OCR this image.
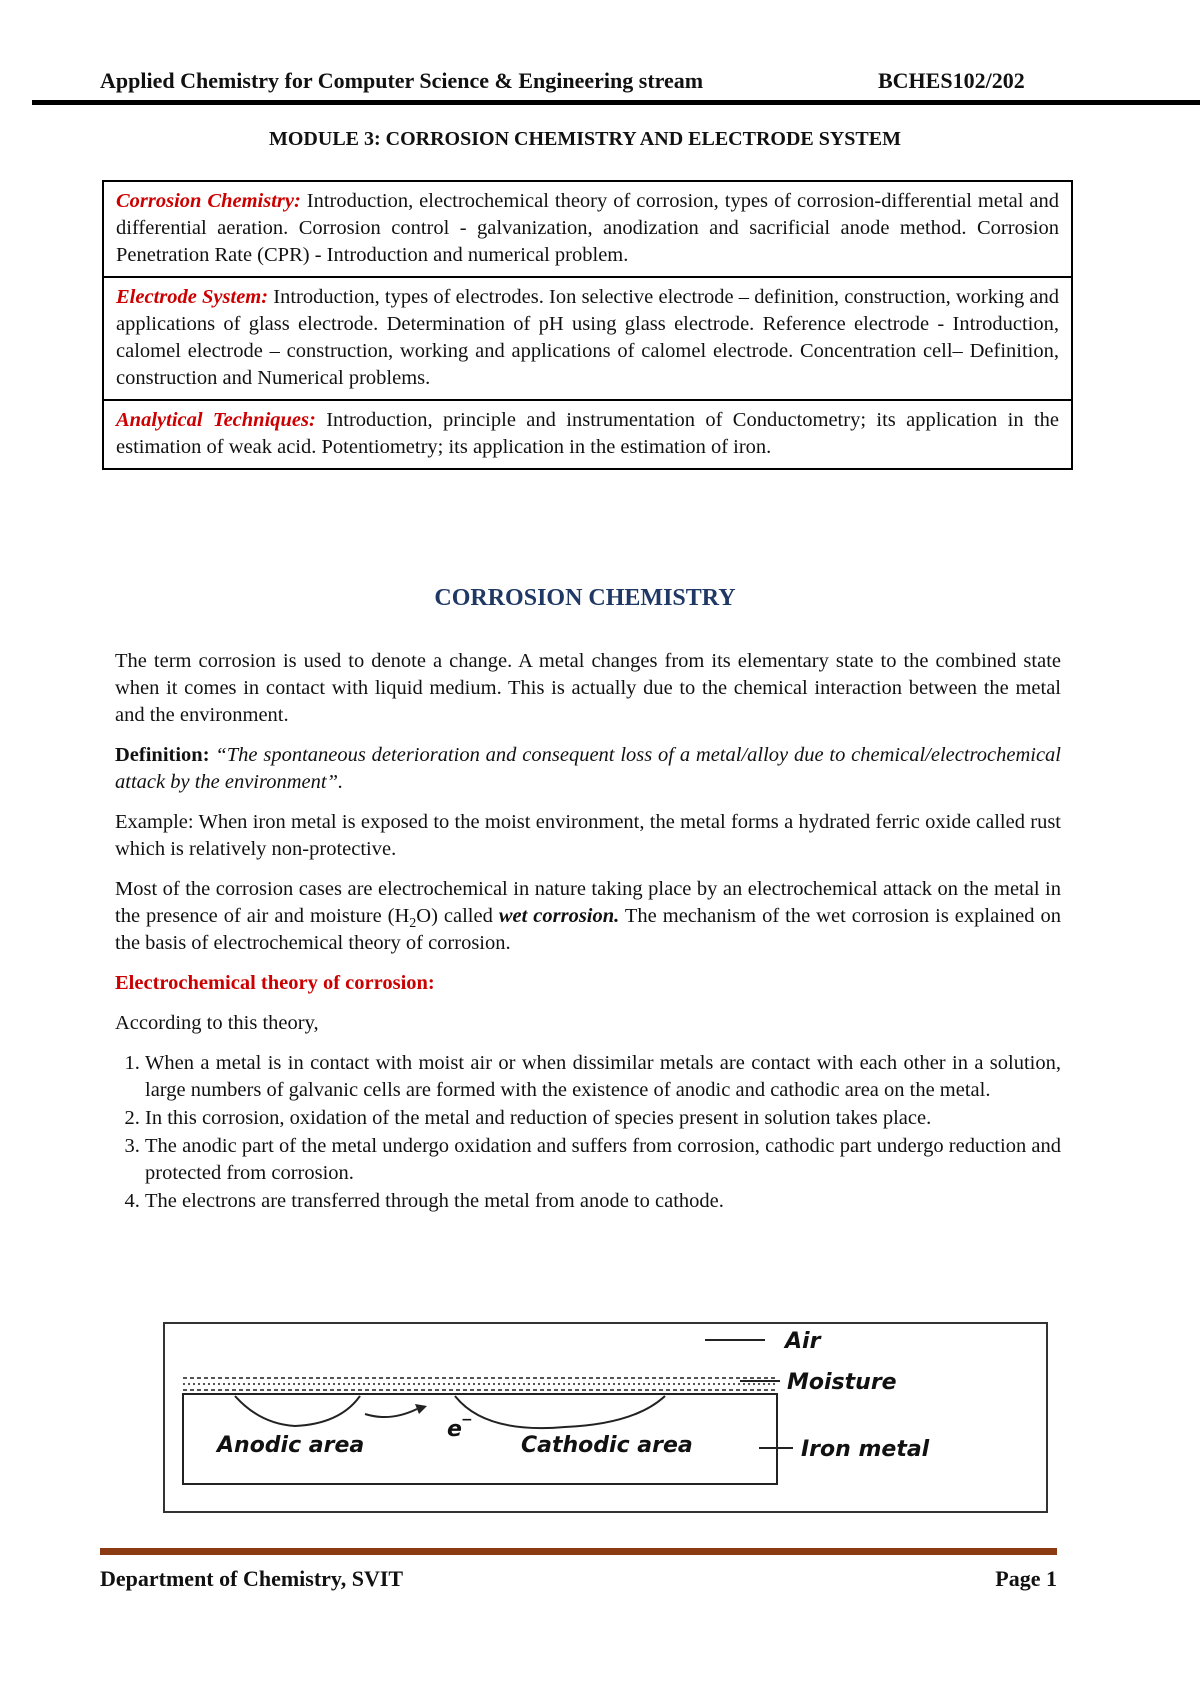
Applied Chemistry for Computer Science & Engineering stream	BCHES102/202
MODULE 3: CORROSION CHEMISTRY AND ELECTRODE SYSTEM
Corrosion Chemistry: Introduction, electrochemical theory of corrosion, types of corrosion-differential metal and differential aeration. Corrosion control - galvanization, anodization and sacrificial anode method. Corrosion Penetration Rate (CPR) - Introduction and numerical problem.
Electrode System: Introduction, types of electrodes. Ion selective electrode – definition, construction, working and applications of glass electrode. Determination of pH using glass electrode. Reference electrode - Introduction, calomel electrode – construction, working and applications of calomel electrode. Concentration cell– Definition, construction and Numerical problems.
Analytical Techniques: Introduction, principle and instrumentation of Conductometry; its application in the estimation of weak acid. Potentiometry; its application in the estimation of iron.
CORROSION CHEMISTRY

The term corrosion is used to denote a change. A metal changes from its elementary state to the combined state when it comes in contact with liquid medium. This is actually due to the chemical interaction between the metal and the environment.

Definition: “The spontaneous deterioration and consequent loss of a metal/alloy due to chemical/electrochemical attack by the environment”.

Example: When iron metal is exposed to the moist environment, the metal forms a hydrated ferric oxide called rust which is relatively non-protective.

Most of the corrosion cases are electrochemical in nature taking place by an electrochemical attack on the metal in the presence of air and moisture $(H_2O)$ called wet corrosion. The mechanism of the wet corrosion is explained on the basis of electrochemical theory of corrosion.

Electrochemical theory of corrosion:

According to this theory,

1. When a metal is in contact with moist air or when dissimilar metals are contact with each other in a solution, large numbers of galvanic cells are formed with the existence of anodic and cathodic area on the metal.
2. In this corrosion, oxidation of the metal and reduction of species present in solution takes place.
3. The anodic part of the metal undergo oxidation and suffers from corrosion, cathodic part undergo reduction and protected from corrosion.
4. The electrons are transferred through the metal from anode to cathode.
Air
Moisture
Iron metal
Anodic area	Cathodic area
e −
Department of Chemistry, SVIT	Page 1
